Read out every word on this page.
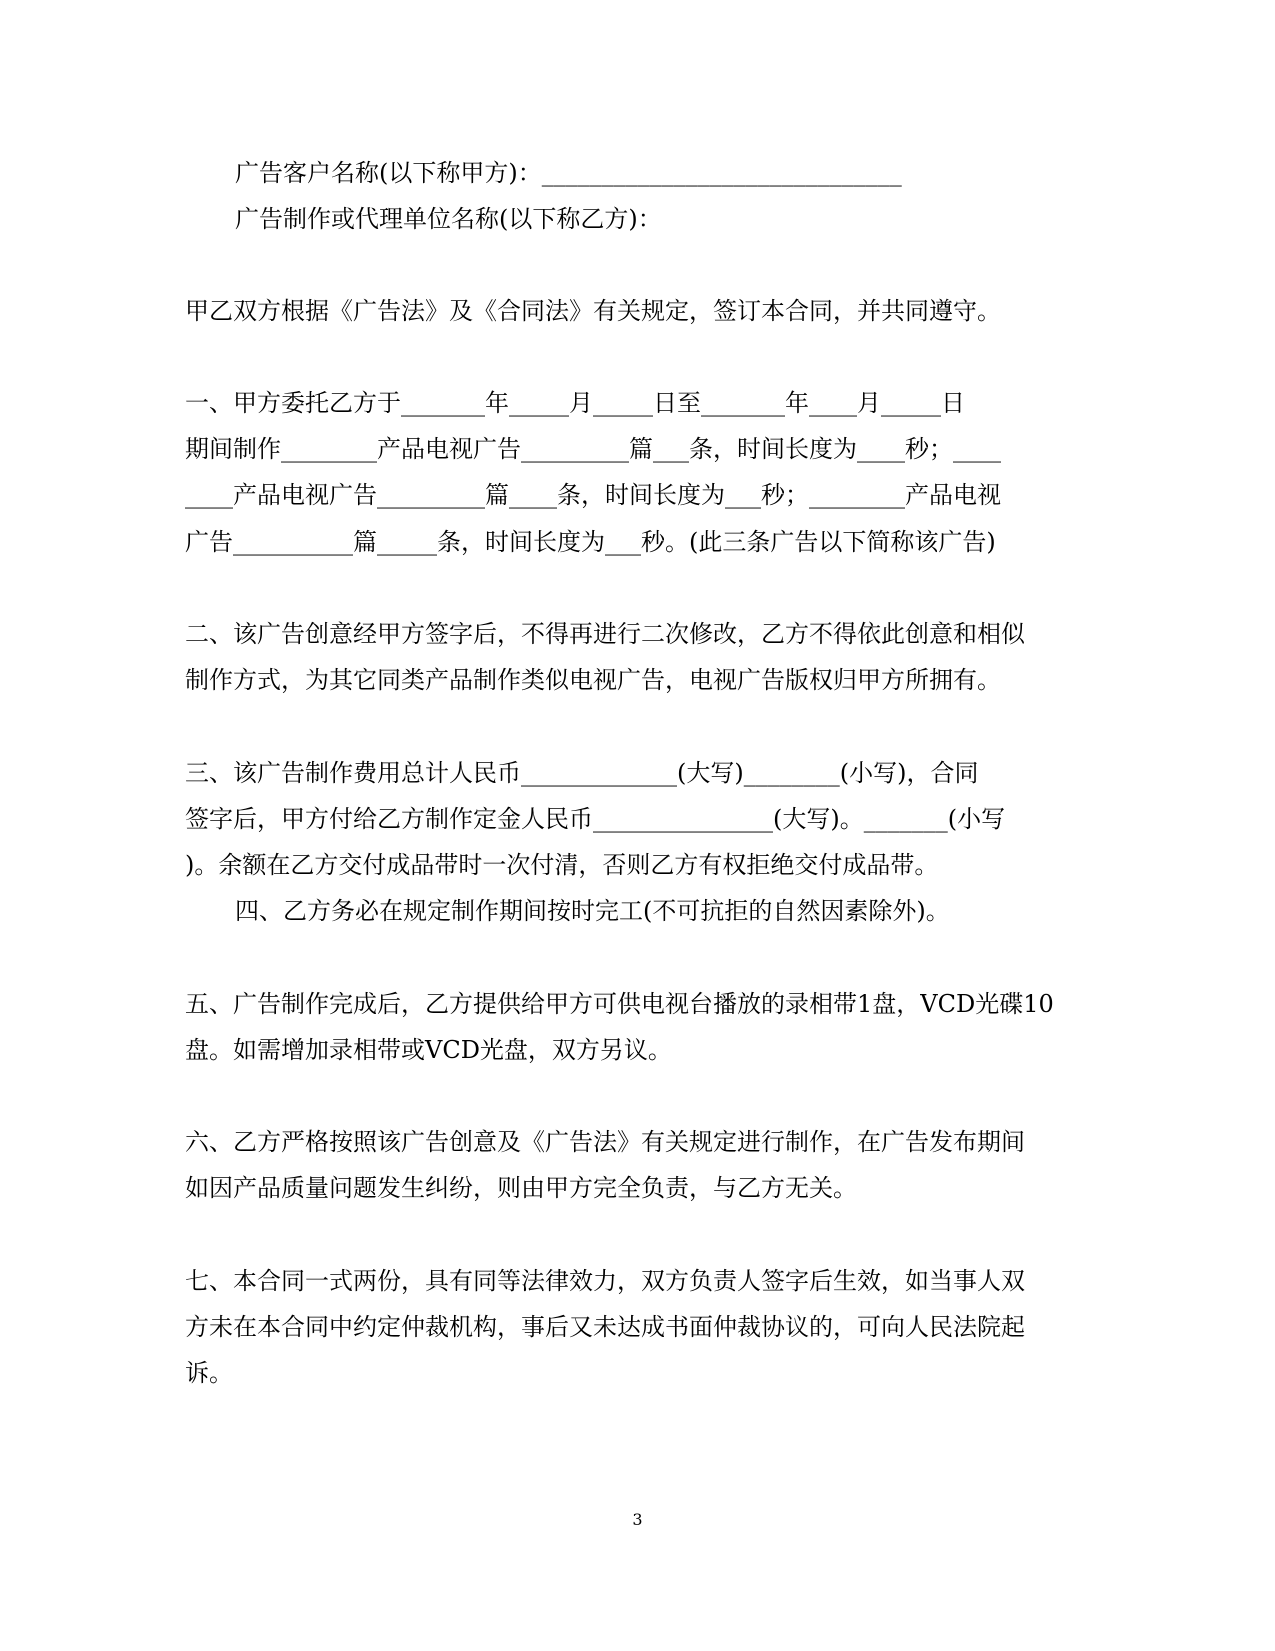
广告客户名称(以下称甲方)：______________________________
广告制作或代理单位名称(以下称乙方)：
甲乙双方根据《广告法》及《合同法》有关规定，签订本合同，并共同遵守。
一、甲方委托乙方于_______年_____月_____日至_______年____月_____日
期间制作________产品电视广告_________篇___条，时间长度为____秒；____
____产品电视广告_________篇____条，时间长度为___秒；________产品电视
广告__________篇_____条，时间长度为___秒。(此三条广告以下简称该广告)
二、该广告创意经甲方签字后，不得再进行二次修改，乙方不得依此创意和相似
制作方式，为其它同类产品制作类似电视广告，电视广告版权归甲方所拥有。
三、该广告制作费用总计人民币_____________(大写)________(小写)，合同
签字后，甲方付给乙方制作定金人民币_______________(大写)。_______(小写
)。余额在乙方交付成品带时一次付清，否则乙方有权拒绝交付成品带。
四、乙方务必在规定制作期间按时完工(不可抗拒的自然因素除外)。
五、广告制作完成后，乙方提供给甲方可供电视台播放的录相带1盘，VCD光碟10
盘。如需增加录相带或VCD光盘，双方另议。
六、乙方严格按照该广告创意及《广告法》有关规定进行制作，在广告发布期间
如因产品质量问题发生纠纷，则由甲方完全负责，与乙方无关。
七、本合同一式两份，具有同等法律效力，双方负责人签字后生效，如当事人双
方未在本合同中约定仲裁机构，事后又未达成书面仲裁协议的，可向人民法院起
诉。
3
